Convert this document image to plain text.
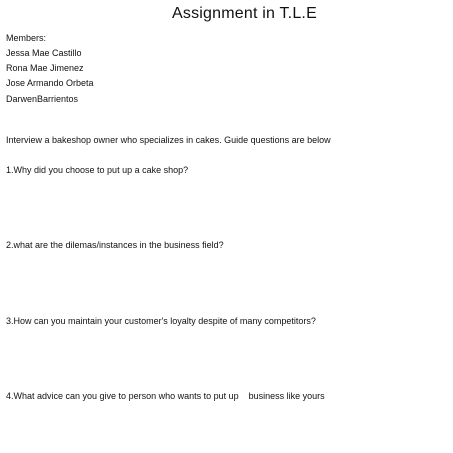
Assignment in T.L.E
Members:
Jessa Mae Castillo
Rona Mae Jimenez
Jose Armando Orbeta
DarwenBarrientos
Interview a bakeshop owner who specializes in cakes. Guide questions are below
1.Why did you choose to put up a cake shop?
2.what are the dilemas/instances in the business field?
3.How can you maintain your customer's loyalty despite of many competitors?
4.What advice can you give to person who wants to put up    business like yours
